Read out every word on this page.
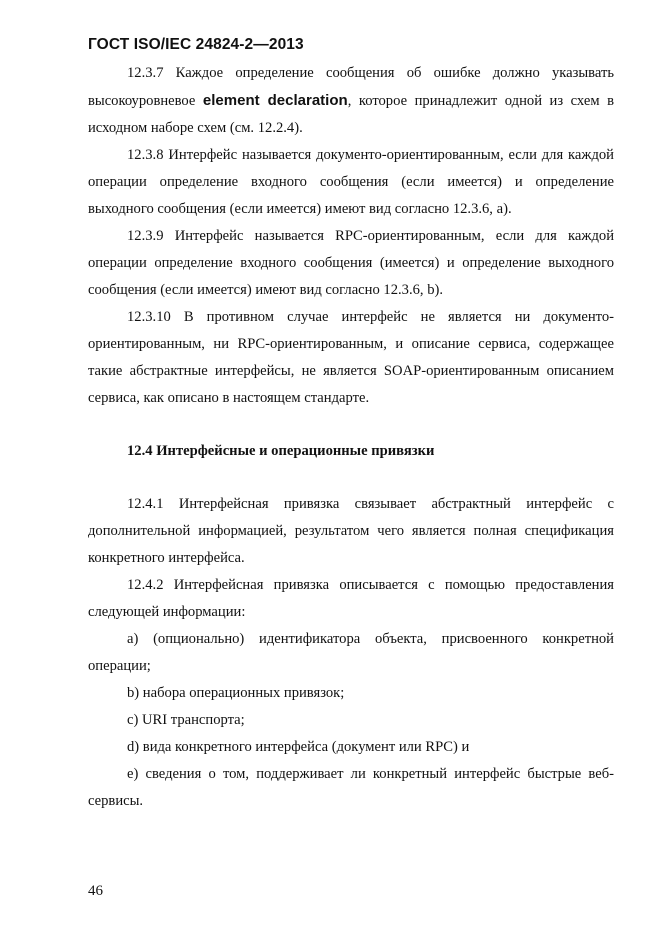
ГОСТ ISO/IEC 24824-2—2013

12.3.7 Каждое определение сообщения об ошибке должно указывать высокоуровневое element declaration, которое принадлежит одной из схем в исходном наборе схем (см. 12.2.4).

12.3.8 Интерфейс называется документо-ориентированным, если для каждой операции определение входного сообщения (если имеется) и определение выходного сообщения (если имеется) имеют вид согласно 12.3.6, a).

12.3.9 Интерфейс называется RPC-ориентированным, если для каждой операции определение входного сообщения (имеется) и определение выходного сообщения (если имеется) имеют вид согласно 12.3.6, b).

12.3.10 В противном случае интерфейс не является ни документо-ориентированным, ни RPC-ориентированным, и описание сервиса, содержащее такие абстрактные интерфейсы, не является SOAP-ориентированным описанием сервиса, как описано в настоящем стандарте.

12.4 Интерфейсные и операционные привязки

12.4.1 Интерфейсная привязка связывает абстрактный интерфейс с дополнительной информацией, результатом чего является полная спецификация конкретного интерфейса.

12.4.2 Интерфейсная привязка описывается с помощью предоставления следующей информации:

a) (опционально) идентификатора объекта, присвоенного конкретной операции;

b) набора операционных привязок;

c) URI транспорта;

d) вида конкретного интерфейса (документ или RPC) и

e) сведения о том, поддерживает ли конкретный интерфейс быстрые веб-сервисы.

46
